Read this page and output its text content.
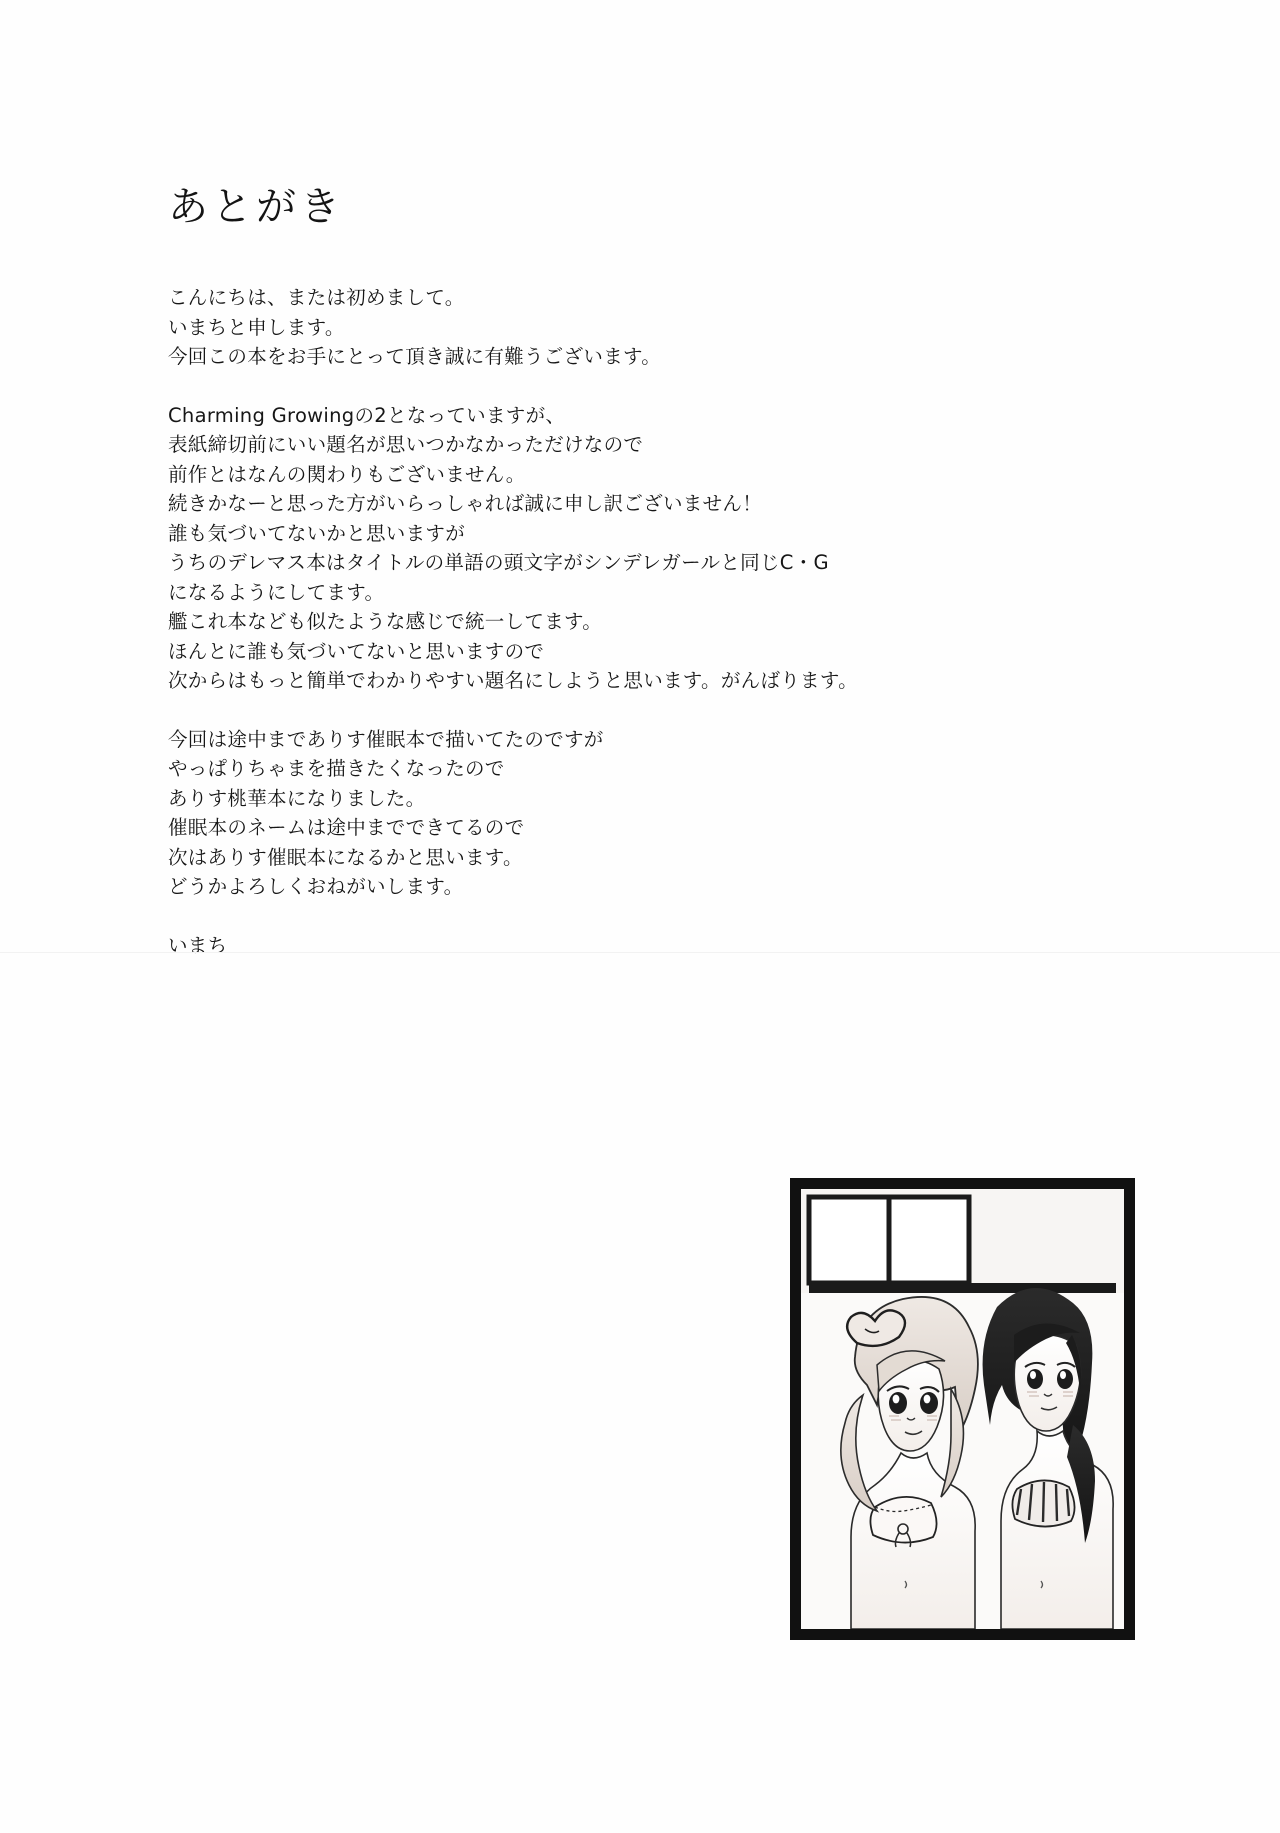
あとがき
こんにちは、または初めまして。
いまちと申します。
今回この本をお手にとって頂き誠に有難うございます。
Charming Growingの2となっていますが、
表紙締切前にいい題名が思いつかなかっただけなので
前作とはなんの関わりもございません。
続きかなーと思った方がいらっしゃれば誠に申し訳ございません！
誰も気づいてないかと思いますが
うちのデレマス本はタイトルの単語の頭文字がシンデレガールと同じC・G
になるようにしてます。
艦これ本なども似たような感じで統一してます。
ほんとに誰も気づいてないと思いますので
次からはもっと簡単でわかりやすい題名にしようと思います。がんばります。
今回は途中までありす催眠本で描いてたのですが
やっぱりちゃまを描きたくなったので
ありす桃華本になりました。
催眠本のネームは途中までできてるので
次はありす催眠本になるかと思います。
どうかよろしくおねがいします。
いまち
